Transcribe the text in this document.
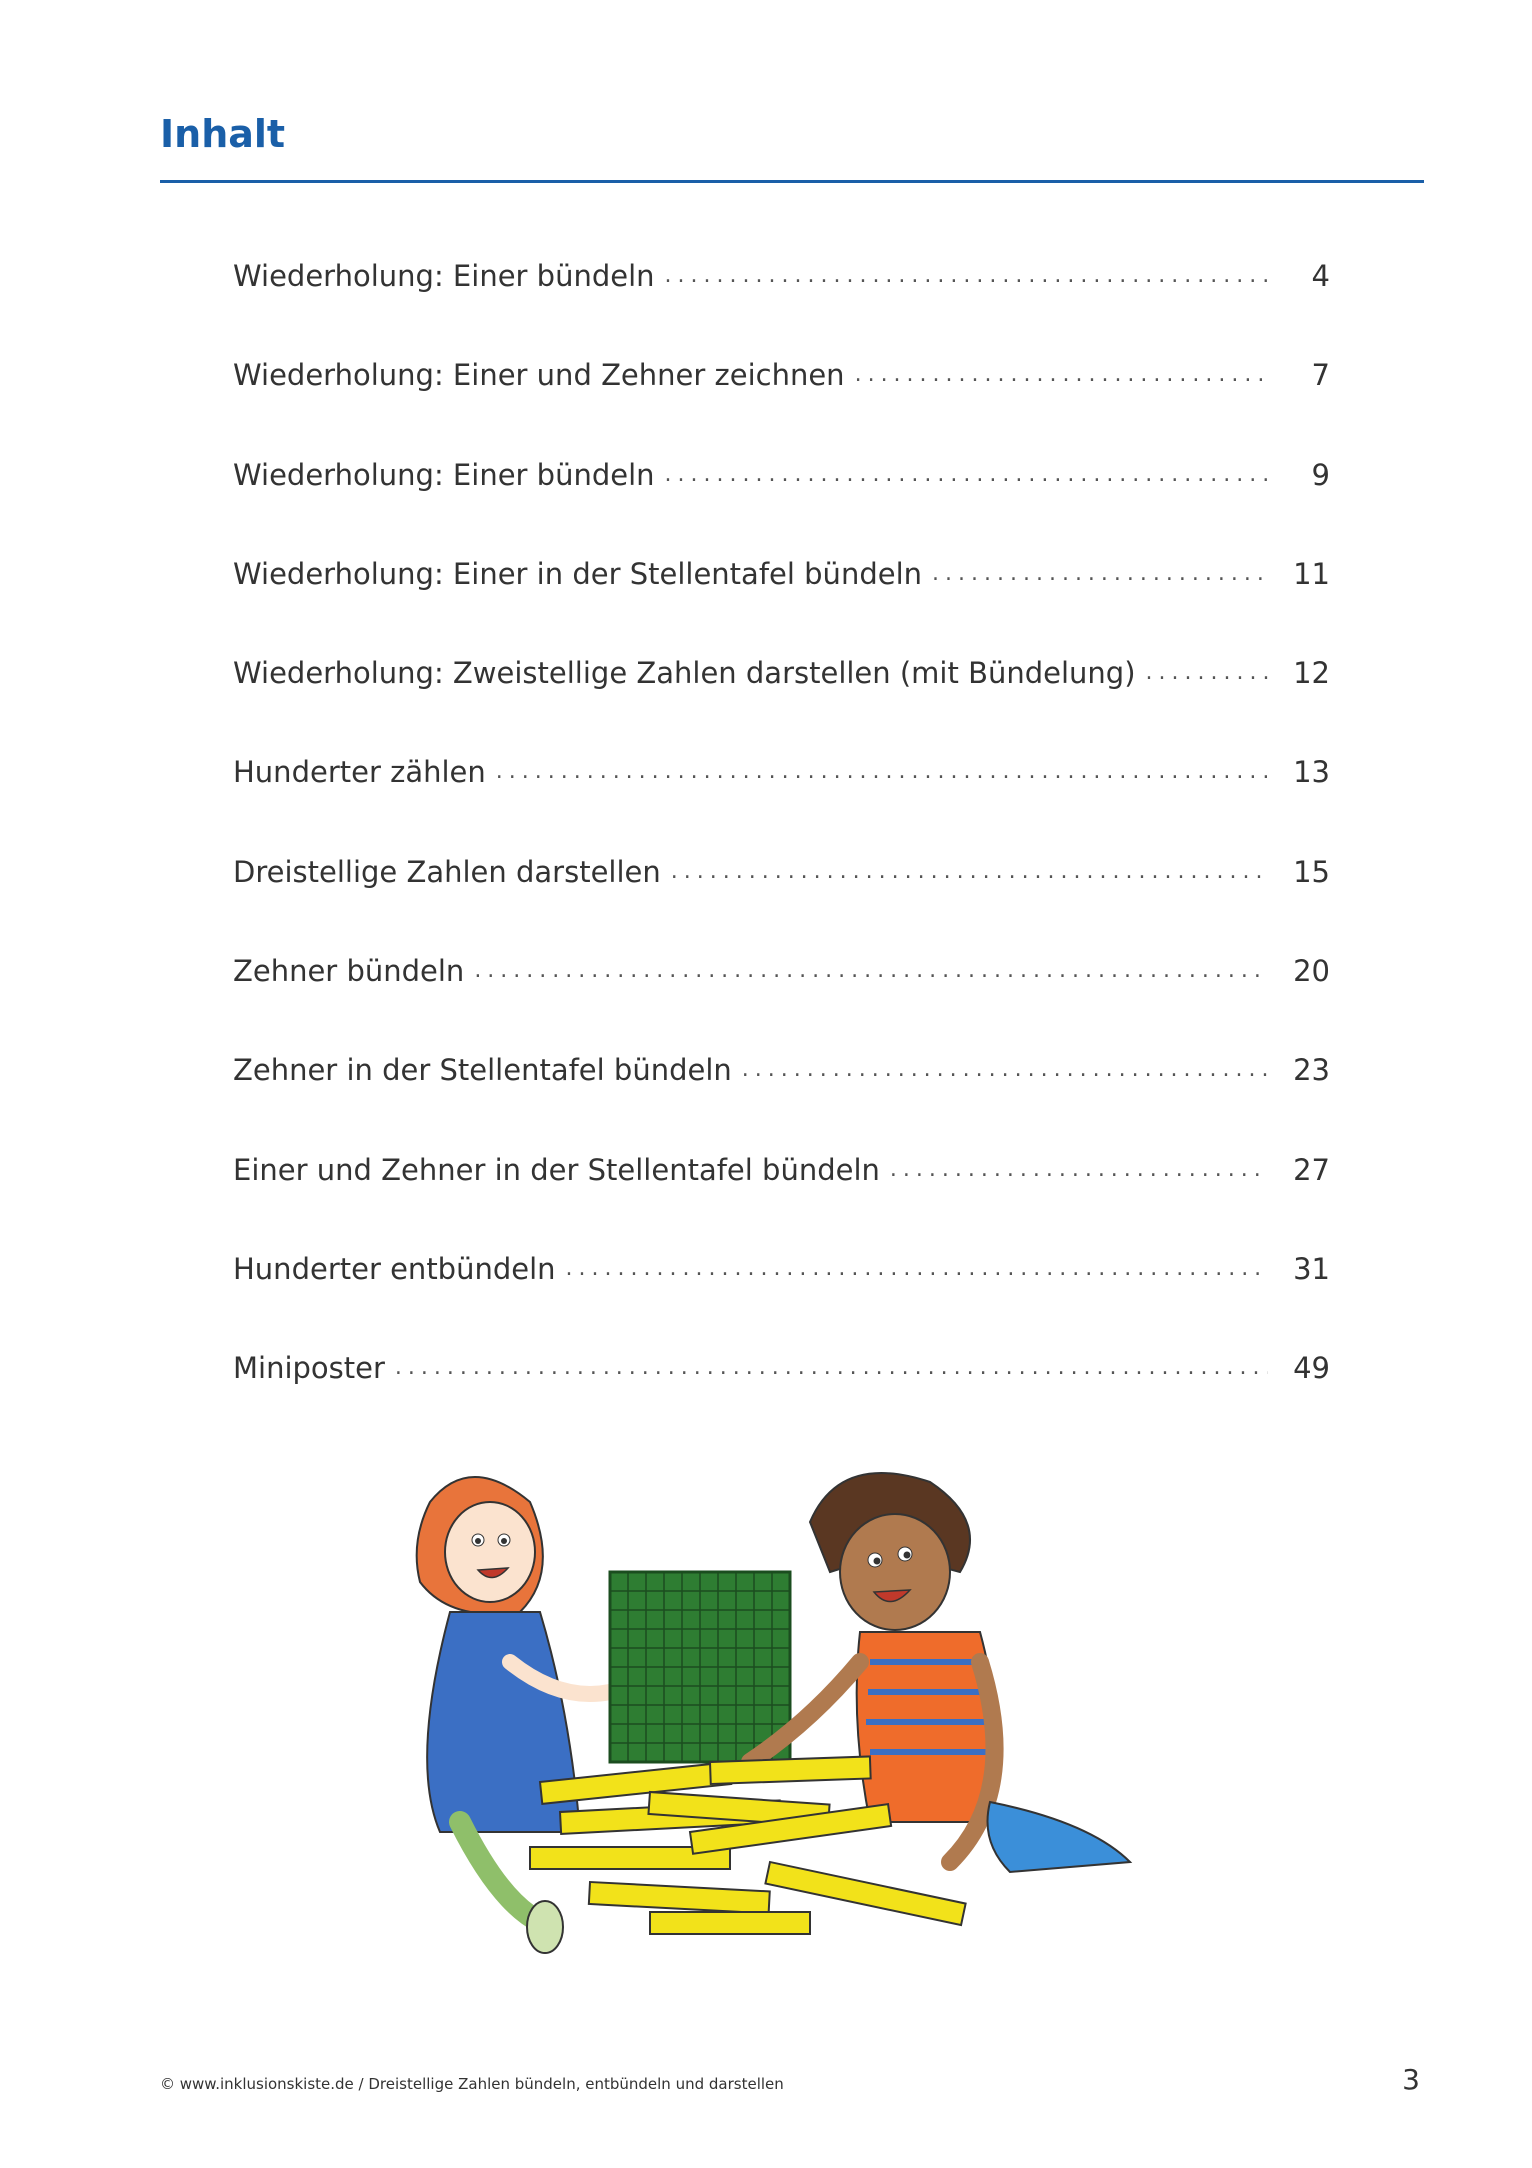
Inhalt
Wiederholung: Einer bündeln .....	4
Wiederholung: Einer und Zehner zeichnen .....	7
Wiederholung: Einer bündeln .....	9
Wiederholung: Einer in der Stellentafel bündeln .....	11
Wiederholung: Zweistellige Zahlen darstellen (mit Bündelung) .....	12
Hunderter zählen .....	13
Dreistellige Zahlen darstellen .....	15
Zehner bündeln .....	20
Zehner in der Stellentafel bündeln .....	23
Einer und Zehner in der Stellentafel bündeln .....	27
Hunderter entbündeln .....	31
Miniposter .....	49
© www.inklusionskiste.de / Dreistellige Zahlen bündeln, entbündeln und darstellen	3
